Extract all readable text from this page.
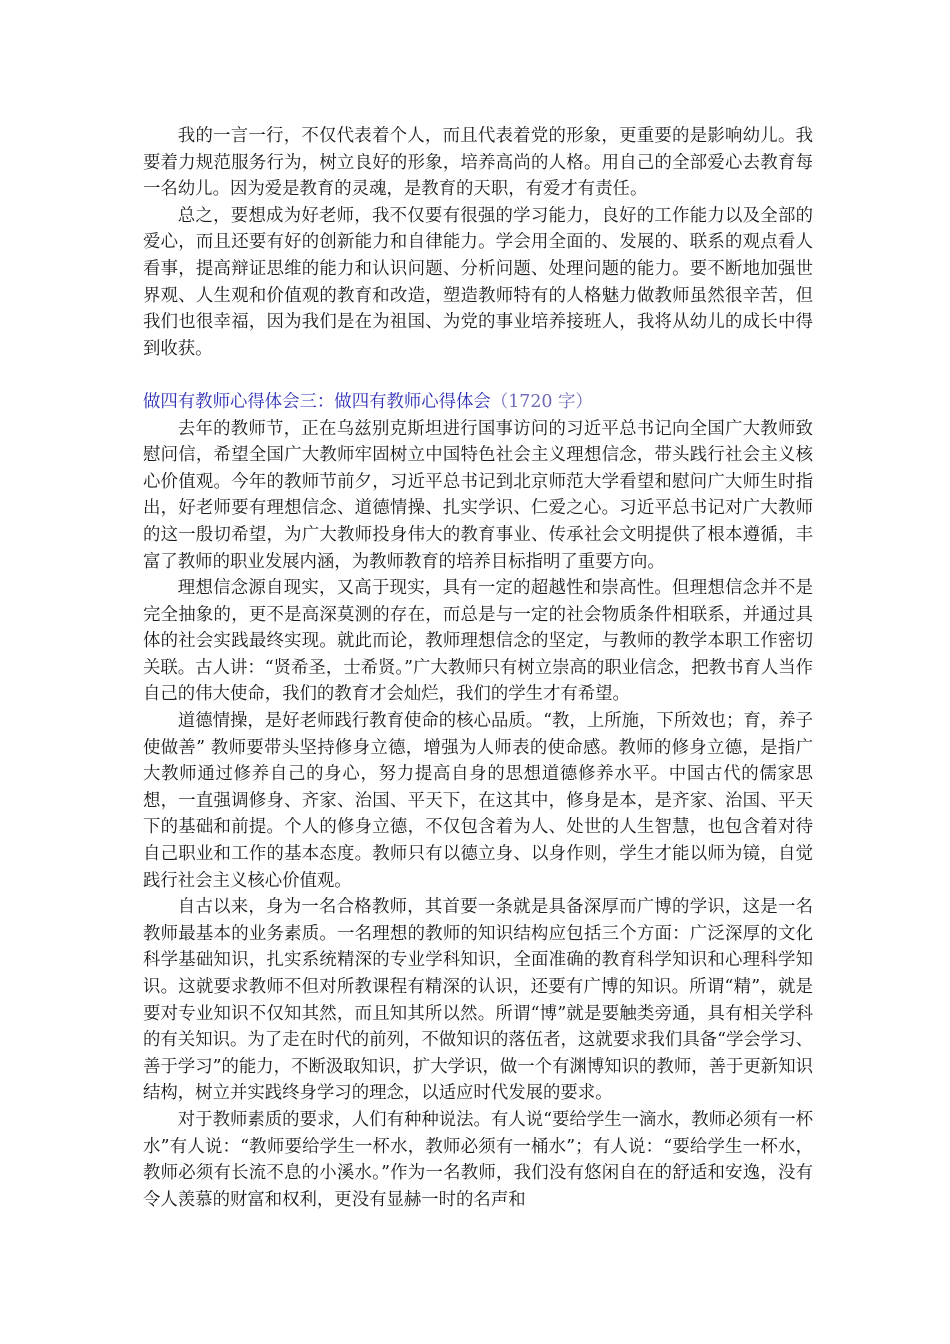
我的一言一行，不仅代表着个人，而且代表着党的形象，更重要的是影响幼儿。我要着力规范服务行为，树立良好的形象，培养高尚的人格。用自己的全部爱心去教育每一名幼儿。因为爱是教育的灵魂，是教育的天职，有爱才有责任。

总之，要想成为好老师，我不仅要有很强的学习能力，良好的工作能力以及全部的爱心，而且还要有好的创新能力和自律能力。学会用全面的、发展的、联系的观点看人看事，提高辩证思维的能力和认识问题、分析问题、处理问题的能力。要不断地加强世界观、人生观和价值观的教育和改造，塑造教师特有的人格魅力做教师虽然很辛苦，但我们也很幸福，因为我们是在为祖国、为党的事业培养接班人，我将从幼儿的成长中得到收获。

做四有教师心得体会三：做四有教师心得体会（1720 字）

去年的教师节，正在乌兹别克斯坦进行国事访问的习近平总书记向全国广大教师致慰问信，希望全国广大教师牢固树立中国特色社会主义理想信念，带头践行社会主义核心价值观。今年的教师节前夕，习近平总书记到北京师范大学看望和慰问广大师生时指出，好老师要有理想信念、道德情操、扎实学识、仁爱之心。习近平总书记对广大教师的这一殷切希望，为广大教师投身伟大的教育事业、传承社会文明提供了根本遵循，丰富了教师的职业发展内涵，为教师教育的培养目标指明了重要方向。

理想信念源自现实，又高于现实，具有一定的超越性和崇高性。但理想信念并不是完全抽象的，更不是高深莫测的存在，而总是与一定的社会物质条件相联系，并通过具体的社会实践最终实现。就此而论，教师理想信念的坚定，与教师的教学本职工作密切关联。古人讲：“贤希圣，士希贤。”广大教师只有树立崇高的职业信念，把教书育人当作自己的伟大使命，我们的教育才会灿烂，我们的学生才有希望。

道德情操，是好老师践行教育使命的核心品质。“教，上所施，下所效也；育，养子使做善” 教师要带头坚持修身立德，增强为人师表的使命感。教师的修身立德，是指广大教师通过修养自己的身心，努力提高自身的思想道德修养水平。中国古代的儒家思想，一直强调修身、齐家、治国、平天下，在这其中，修身是本，是齐家、治国、平天下的基础和前提。个人的修身立德，不仅包含着为人、处世的人生智慧，也包含着对待自己职业和工作的基本态度。教师只有以德立身、以身作则，学生才能以师为镜，自觉践行社会主义核心价值观。

自古以来，身为一名合格教师，其首要一条就是具备深厚而广博的学识，这是一名教师最基本的业务素质。一名理想的教师的知识结构应包括三个方面：广泛深厚的文化科学基础知识，扎实系统精深的专业学科知识，全面准确的教育科学知识和心理科学知识。这就要求教师不但对所教课程有精深的认识，还要有广博的知识。所谓“精”，就是要对专业知识不仅知其然，而且知其所以然。所谓“博”就是要触类旁通，具有相关学科的有关知识。为了走在时代的前列，不做知识的落伍者，这就要求我们具备“学会学习、善于学习”的能力，不断汲取知识，扩大学识，做一个有渊博知识的教师，善于更新知识结构，树立并实践终身学习的理念，以适应时代发展的要求。

对于教师素质的要求，人们有种种说法。有人说“要给学生一滴水，教师必须有一杯水”有人说：“教师要给学生一杯水，教师必须有一桶水”；有人说：“要给学生一杯水，教师必须有长流不息的小溪水。”作为一名教师，我们没有悠闲自在的舒适和安逸，没有令人羡慕的财富和权利，更没有显赫一时的名声和
